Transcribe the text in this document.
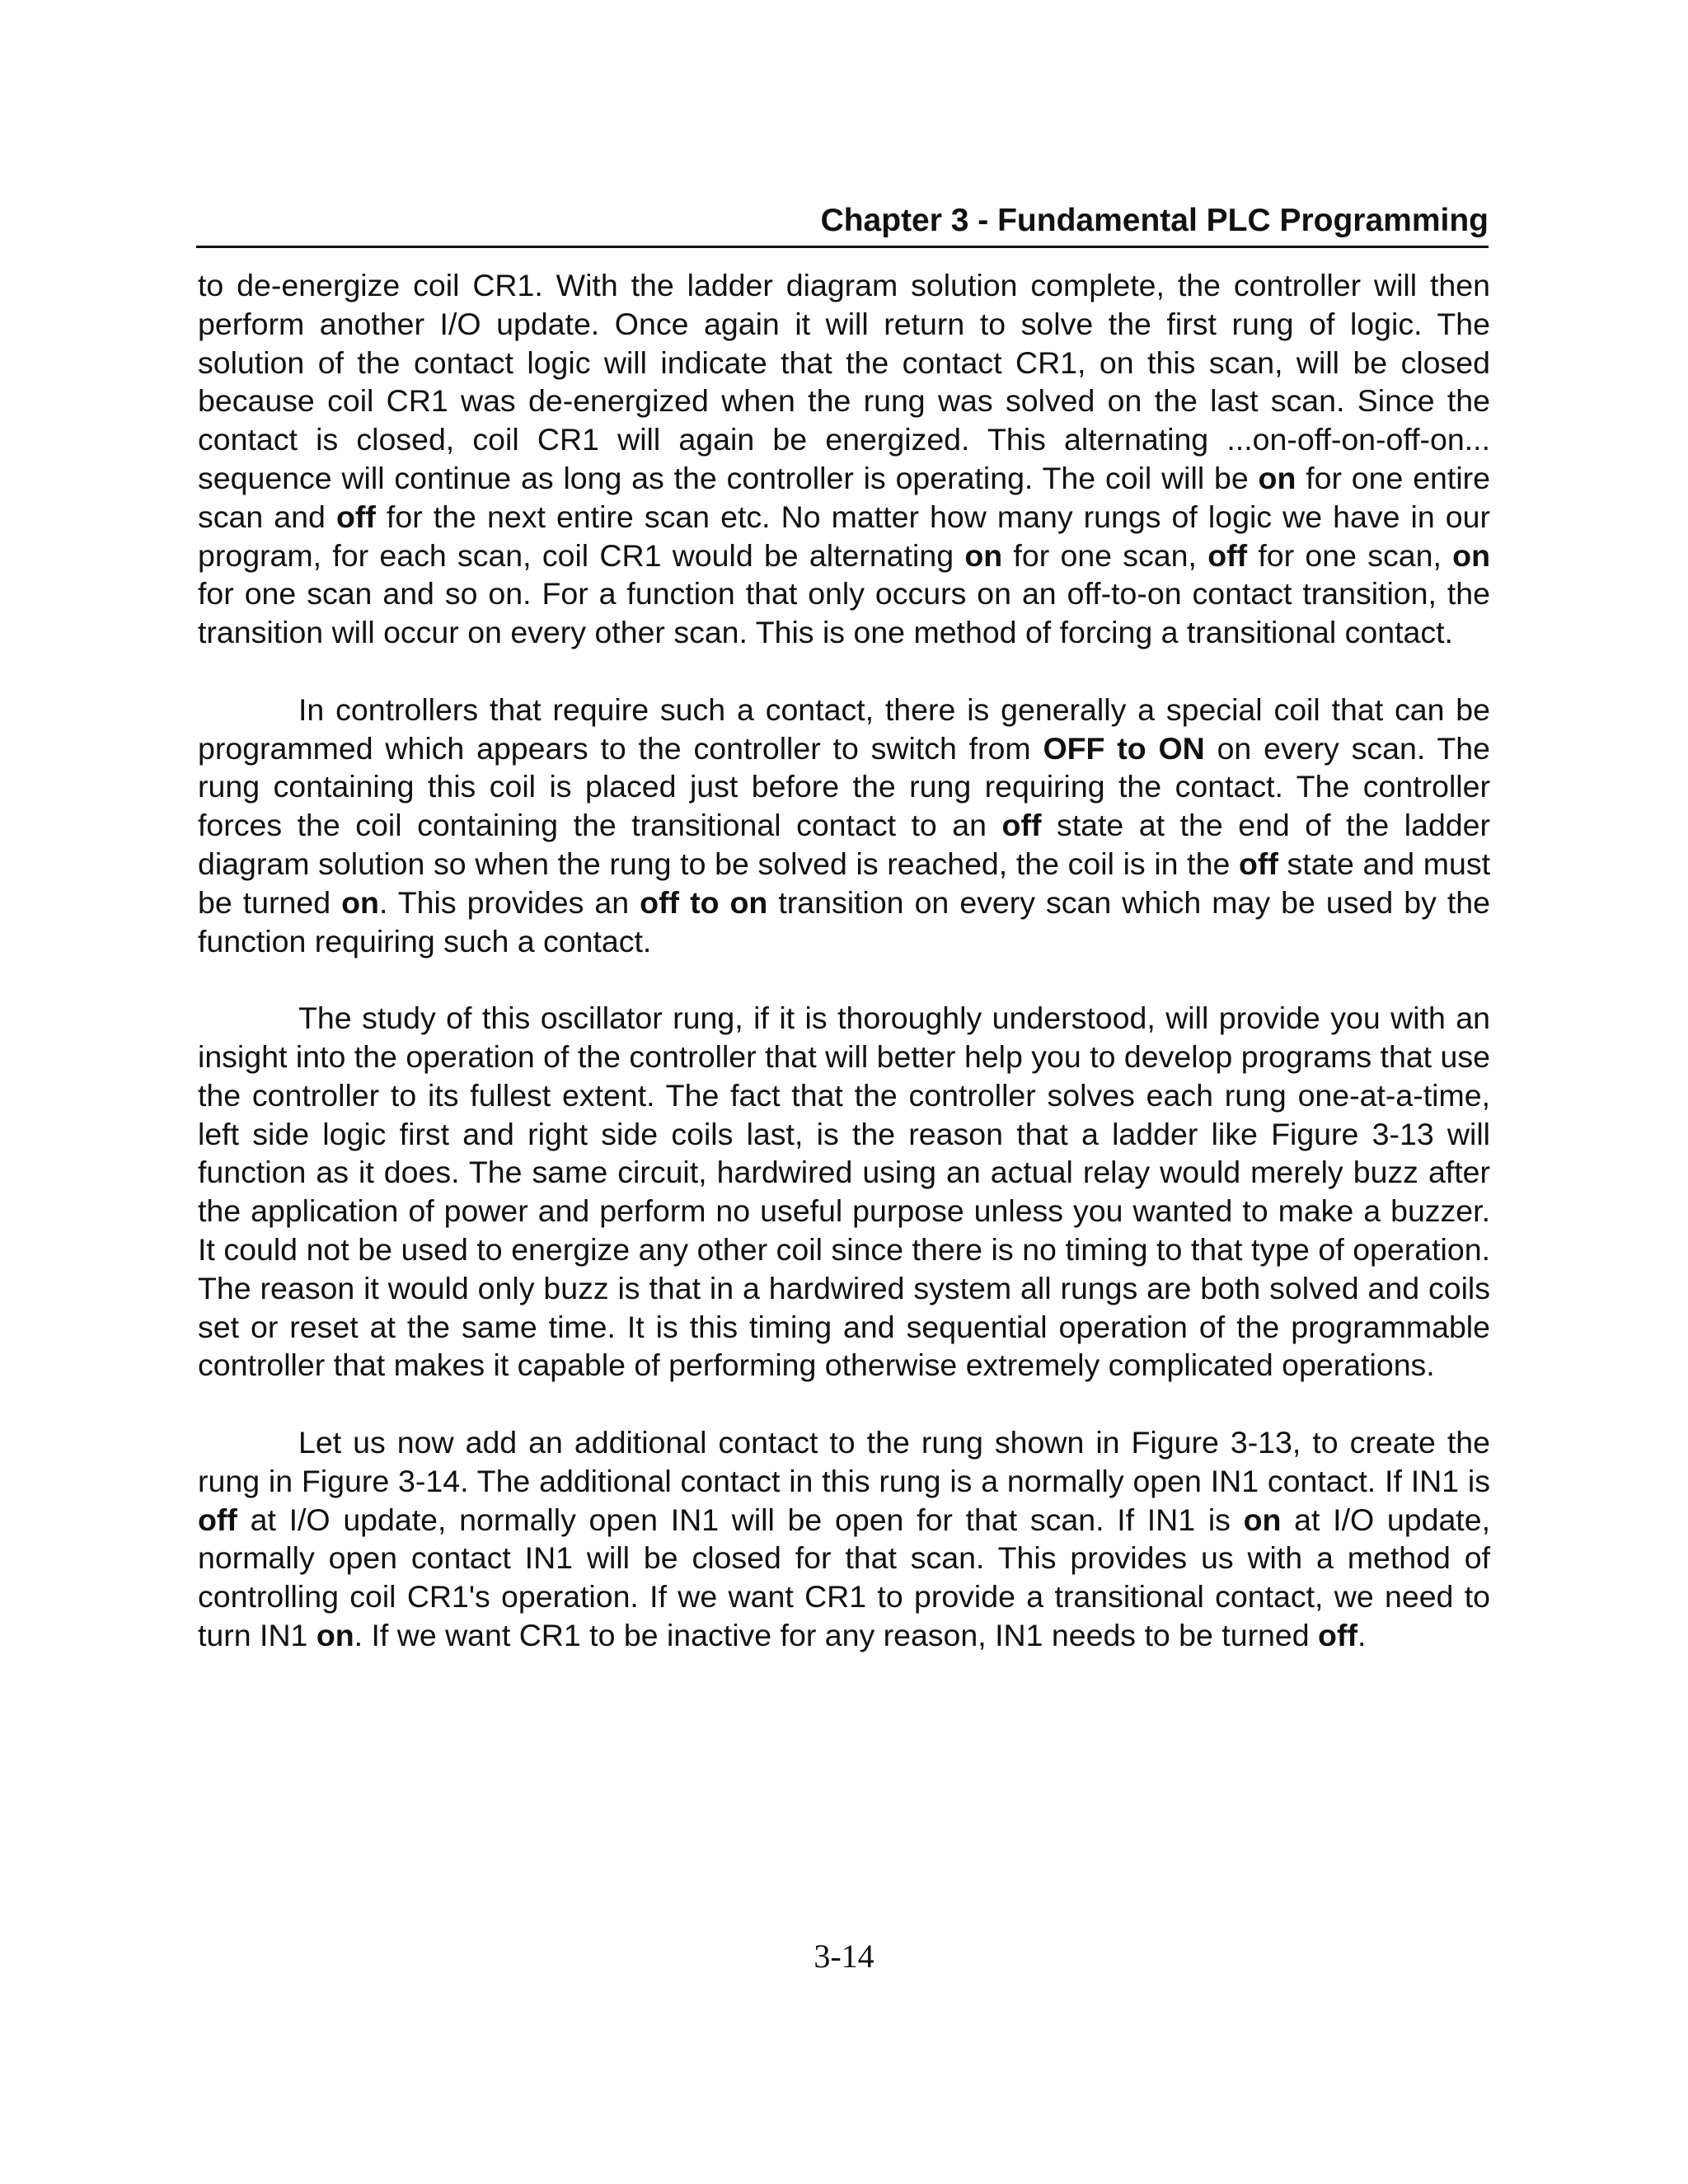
Chapter 3 - Fundamental PLC Programming

to de-energize coil CR1. With the ladder diagram solution complete, the controller will then perform another I/O update. Once again it will return to solve the first rung of logic. The solution of the contact logic will indicate that the contact CR1, on this scan, will be closed because coil CR1 was de-energized when the rung was solved on the last scan. Since the contact is closed, coil CR1 will again be energized. This alternating ...on-off-on-off-on... sequence will continue as long as the controller is operating. The coil will be on for one entire scan and off for the next entire scan etc. No matter how many rungs of logic we have in our program, for each scan, coil CR1 would be alternating on for one scan, off for one scan, on for one scan and so on. For a function that only occurs on an off-to-on contact transition, the transition will occur on every other scan. This is one method of forcing a transitional contact.

In controllers that require such a contact, there is generally a special coil that can be programmed which appears to the controller to switch from OFF to ON on every scan. The rung containing this coil is placed just before the rung requiring the contact. The controller forces the coil containing the transitional contact to an off state at the end of the ladder diagram solution so when the rung to be solved is reached, the coil is in the off state and must be turned on. This provides an off to on transition on every scan which may be used by the function requiring such a contact.

The study of this oscillator rung, if it is thoroughly understood, will provide you with an insight into the operation of the controller that will better help you to develop programs that use the controller to its fullest extent. The fact that the controller solves each rung one-at-a-time, left side logic first and right side coils last, is the reason that a ladder like Figure 3-13 will function as it does. The same circuit, hardwired using an actual relay would merely buzz after the application of power and perform no useful purpose unless you wanted to make a buzzer. It could not be used to energize any other coil since there is no timing to that type of operation. The reason it would only buzz is that in a hardwired system all rungs are both solved and coils set or reset at the same time. It is this timing and sequential operation of the programmable controller that makes it capable of performing otherwise extremely complicated operations.

Let us now add an additional contact to the rung shown in Figure 3-13, to create the rung in Figure 3-14. The additional contact in this rung is a normally open IN1 contact. If IN1 is off at I/O update, normally open IN1 will be open for that scan. If IN1 is on at I/O update, normally open contact IN1 will be closed for that scan. This provides us with a method of controlling coil CR1's operation. If we want CR1 to provide a transitional contact, we need to turn IN1 on. If we want CR1 to be inactive for any reason, IN1 needs to be turned off.

3-14
